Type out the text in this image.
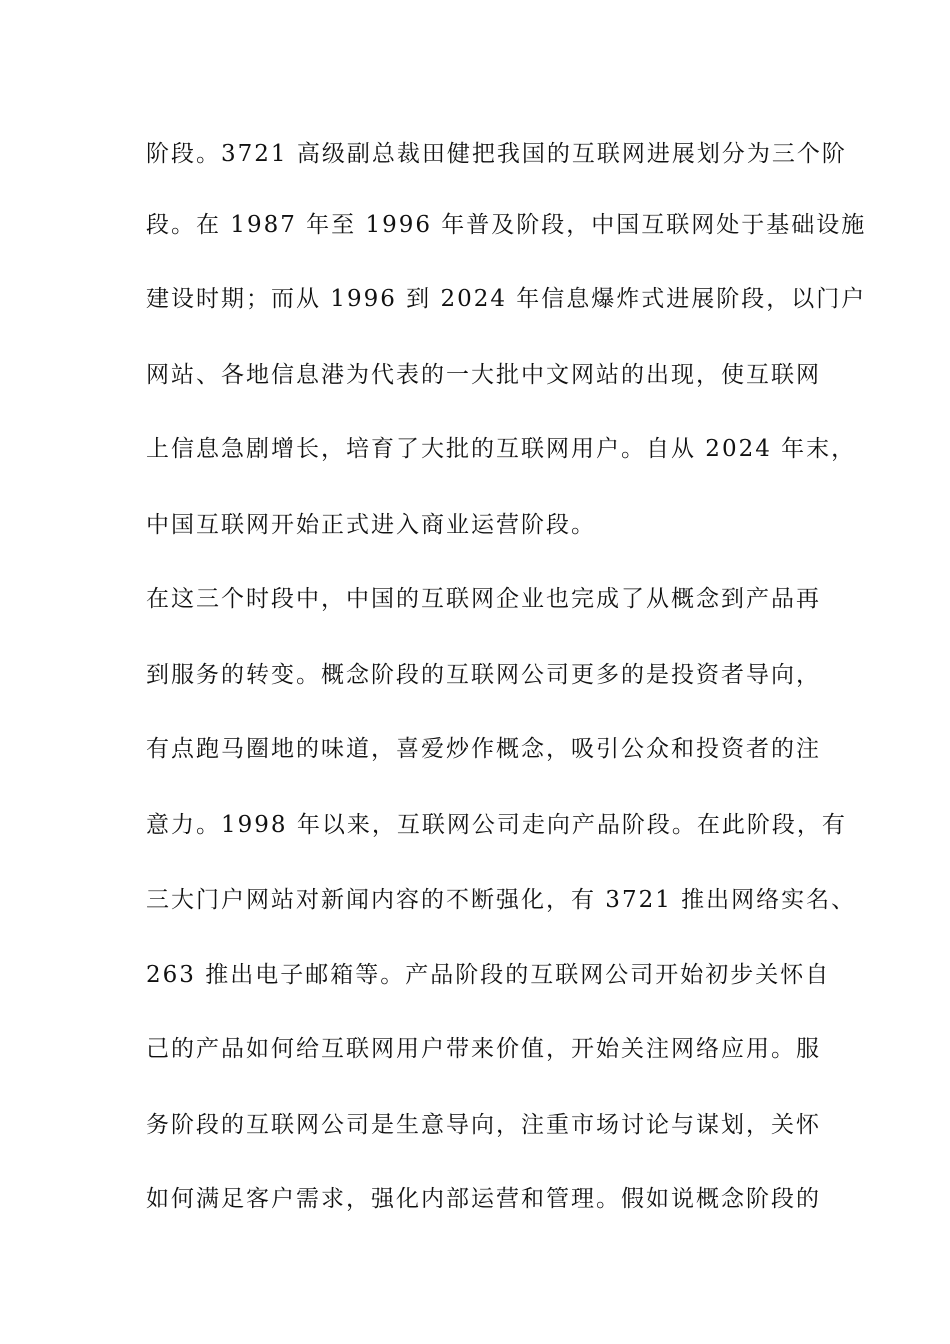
阶段。3721 高级副总裁田健把我国的互联网进展划分为三个阶
段。在 1987 年至 1996 年普及阶段，中国互联网处于基础设施
建设时期；而从 1996 到 2024 年信息爆炸式进展阶段，以门户
网站、各地信息港为代表的一大批中文网站的出现，使互联网
上信息急剧增长，培育了大批的互联网用户。自从 2024 年末，
中国互联网开始正式进入商业运营阶段。
在这三个时段中，中国的互联网企业也完成了从概念到产品再
到服务的转变。概念阶段的互联网公司更多的是投资者导向，
有点跑马圈地的味道，喜爱炒作概念，吸引公众和投资者的注
意力。1998 年以来，互联网公司走向产品阶段。在此阶段，有
三大门户网站对新闻内容的不断强化，有 3721 推出网络实名、
263 推出电子邮箱等。产品阶段的互联网公司开始初步关怀自
己的产品如何给互联网用户带来价值，开始关注网络应用。服
务阶段的互联网公司是生意导向，注重市场讨论与谋划，关怀
如何满足客户需求，强化内部运营和管理。假如说概念阶段的
